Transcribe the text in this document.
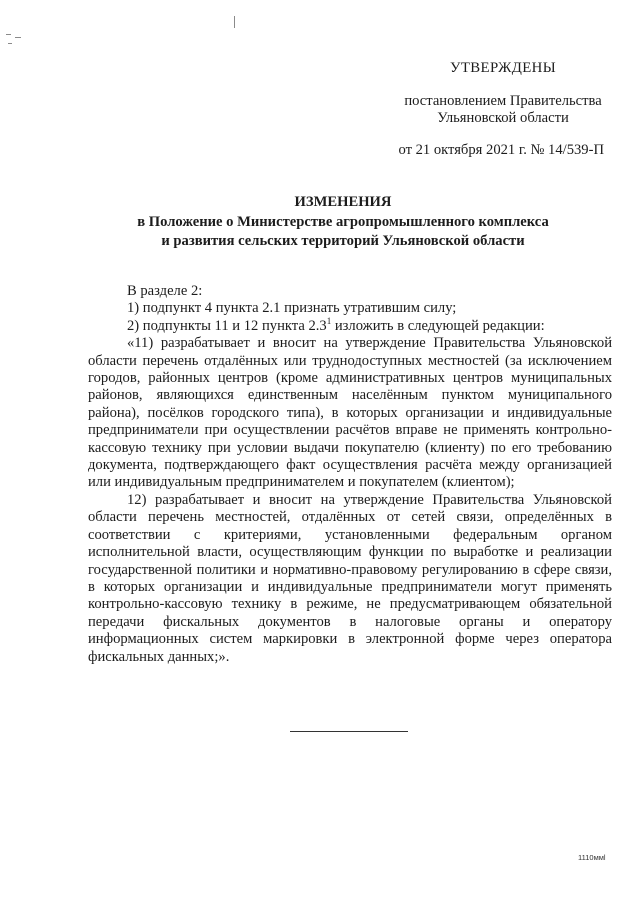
УТВЕРЖДЕНЫ
постановлением Правительства
Ульяновской области
от 21 октября 2021 г. № 14/539-П
ИЗМЕНЕНИЯ
в Положение о Министерстве агропромышленного комплекса
и развития сельских территорий Ульяновской области

В разделе 2:

1) подпункт 4 пункта 2.1 признать утратившим силу;

2) подпункты 11 и 12 пункта $2.3^1$ изложить в следующей редакции:

«11) разрабатывает и вносит на утверждение Правительства Ульяновской области перечень отдалённых или труднодоступных местностей (за исключением городов, районных центров (кроме административных центров муниципальных районов, являющихся единственным населённым пунктом муниципального района), посёлков городского типа), в которых организации и индивидуальные предприниматели при осуществлении расчётов вправе не применять контрольно-кассовую технику при условии выдачи покупателю (клиенту) по его требованию документа, подтверждающего факт осуществления расчёта между организацией или индивидуальным предпринимателем и покупателем (клиентом);

12) разрабатывает и вносит на утверждение Правительства Ульяновской области перечень местностей, отдалённых от сетей связи, определённых в соответствии с критериями, установленными федеральным органом исполнительной власти, осуществляющим функции по выработке и реализации государственной политики и нормативно-правовому регулированию в сфере связи, в которых организации и индивидуальные предприниматели могут применять контрольно-кассовую технику в режиме, не предусматривающем обязательной передачи фискальных документов в налоговые органы и оператору информационных систем маркировки в электронной форме через оператора фискальных данных;».

1110ммl
